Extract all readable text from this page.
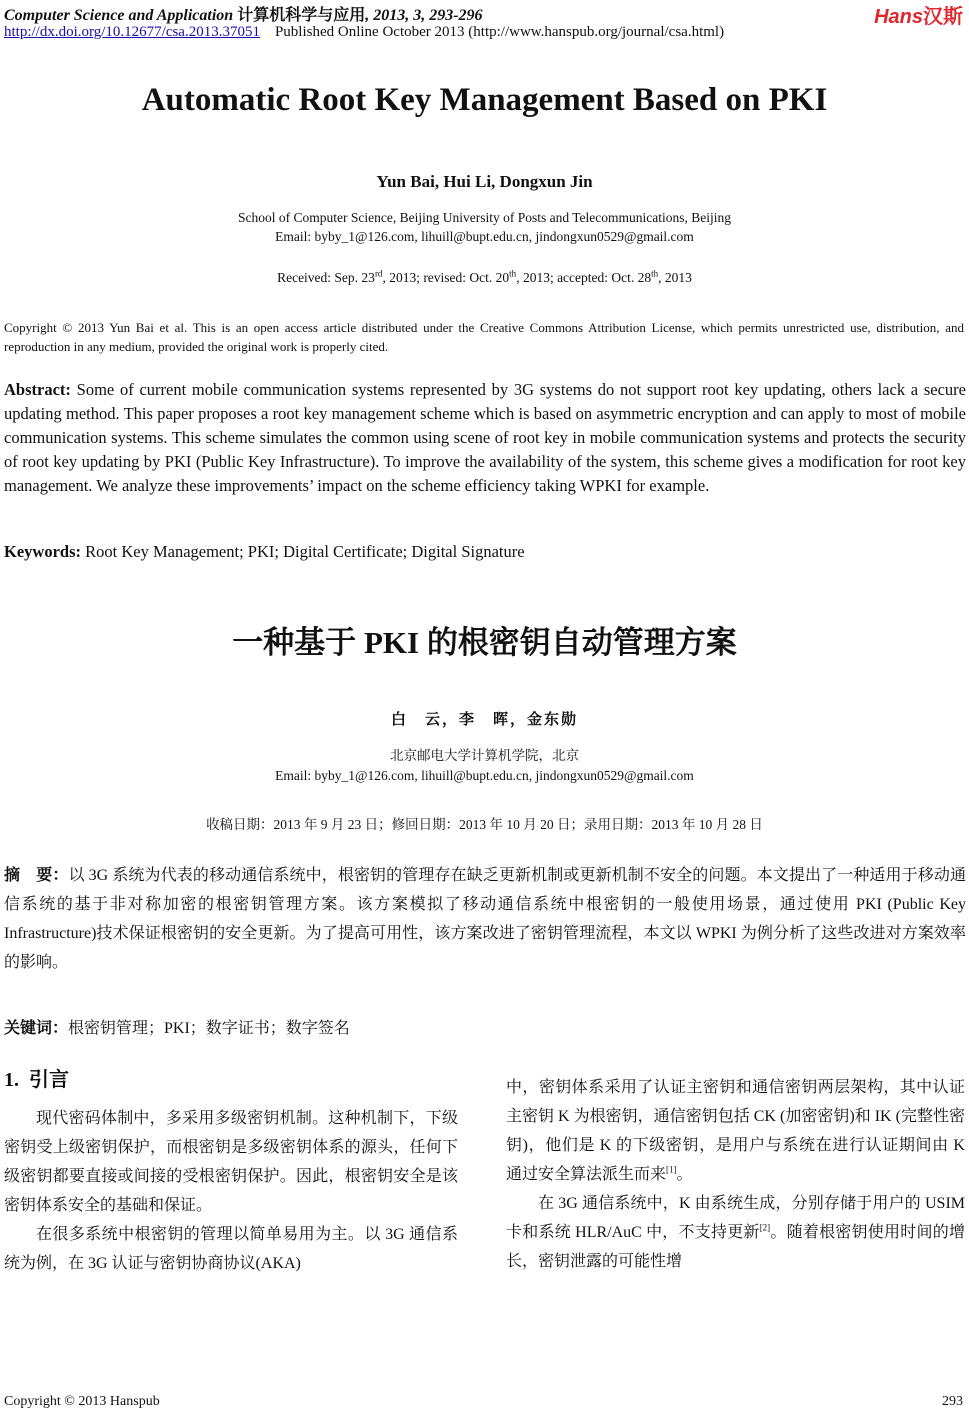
Computer Science and Application 计算机科学与应用, 2013, 3, 293-296
http://dx.doi.org/10.12677/csa.2013.37051 Published Online October 2013 (http://www.hanspub.org/journal/csa.html)
Hans汉斯
Automatic Root Key Management Based on PKI
Yun Bai, Hui Li, Dongxun Jin
School of Computer Science, Beijing University of Posts and Telecommunications, Beijing
Email: byby_1@126.com, lihuill@bupt.edu.cn, jindongxun0529@gmail.com
Received: Sep. 23rd, 2013; revised: Oct. 20th, 2013; accepted: Oct. 28th, 2013
Copyright © 2013 Yun Bai et al. This is an open access article distributed under the Creative Commons Attribution License, which permits unrestricted use, distribution, and reproduction in any medium, provided the original work is properly cited.
Abstract: Some of current mobile communication systems represented by 3G systems do not support root key updating, others lack a secure updating method. This paper proposes a root key management scheme which is based on asymmetric encryption and can apply to most of mobile communication systems. This scheme simulates the common using scene of root key in mobile communication systems and protects the security of root key updating by PKI (Public Key Infrastructure). To improve the availability of the system, this scheme gives a modification for root key management. We analyze these improvements’ impact on the scheme efficiency taking WPKI for example.
Keywords: Root Key Management; PKI; Digital Certificate; Digital Signature
一种基于 PKI 的根密钥自动管理方案
白　云，李　晖，金东勋
北京邮电大学计算机学院，北京
Email: byby_1@126.com, lihuill@bupt.edu.cn, jindongxun0529@gmail.com
收稿日期：2013 年 9 月 23 日；修回日期：2013 年 10 月 20 日；录用日期：2013 年 10 月 28 日
摘　要：以 3G 系统为代表的移动通信系统中，根密钥的管理存在缺乏更新机制或更新机制不安全的问题。本文提出了一种适用于移动通信系统的基于非对称加密的根密钥管理方案。该方案模拟了移动通信系统中根密钥的一般使用场景，通过使用 PKI (Public Key Infrastructure)技术保证根密钥的安全更新。为了提高可用性，该方案改进了密钥管理流程，本文以 WPKI 为例分析了这些改进对方案效率的影响。
关键词：根密钥管理；PKI；数字证书；数字签名
1. 引言

现代密码体制中，多采用多级密钥机制。这种机制下，下级密钥受上级密钥保护，而根密钥是多级密钥体系的源头，任何下级密钥都要直接或间接的受根密钥保护。因此，根密钥安全是该密钥体系安全的基础和保证。

在很多系统中根密钥的管理以简单易用为主。以 3G 通信系统为例，在 3G 认证与密钥协商协议(AKA)

中，密钥体系采用了认证主密钥和通信密钥两层架构，其中认证主密钥 K 为根密钥，通信密钥包括 CK (加密密钥)和 IK (完整性密钥)，他们是 K 的下级密钥，是用户与系统在进行认证期间由 K 通过安全算法派生而来[1]。

在 3G 通信系统中，K 由系统生成，分别存储于用户的 USIM 卡和系统 HLR/AuC 中，不支持更新[2]。随着根密钥使用时间的增长，密钥泄露的可能性增

Copyright © 2013 Hanspub	293
